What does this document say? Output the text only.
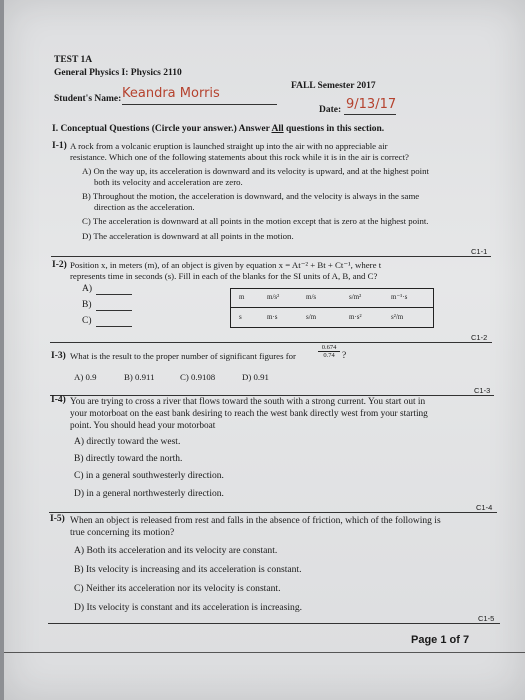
TEST 1A
General Physics I: Physics 2110
FALL Semester 2017
Student's Name: Keandra Morris
Date: 9/13/17
I. Conceptual Questions (Circle your answer.) Answer All questions in this section.
I-1) A rock from a volcanic eruption is launched straight up into the air with no appreciable air
resistance. Which one of the following statements about this rock while it is in the air is correct?
A) On the way up, its acceleration is downward and its velocity is upward, and at the highest point
both its velocity and acceleration are zero.
B) Throughout the motion, the acceleration is downward, and the velocity is always in the same
direction as the acceleration.
C) The acceleration is downward at all points in the motion except that is zero at the highest point.
D) The acceleration is downward at all points in the motion.
C1-1
I-2) Position x, in meters (m), of an object is given by equation x = At⁻² + Bt + Ct⁻¹, where t
represents time in seconds (s). Fill in each of the blanks for the SI units of A, B, and C?
A)
B)
C)
m	m/s²	m/s	s/m²	m⁻¹·s
s	m·s	s/m	m·s²	s²/m
C1-2
I-3) What is the result to the proper number of significant figures for
0.674
0.74 ?
A) 0.9	B) 0.911	C) 0.9108	D) 0.91
C1-3
I-4) You are trying to cross a river that flows toward the south with a strong current. You start out in
your motorboat on the east bank desiring to reach the west bank directly west from your starting
point. You should head your motorboat
A) directly toward the west.
B) directly toward the north.
C) in a general southwesterly direction.
D) in a general northwesterly direction.
C1-4
I-5) When an object is released from rest and falls in the absence of friction, which of the following is
true concerning its motion?
A) Both its acceleration and its velocity are constant.
B) Its velocity is increasing and its acceleration is constant.
C) Neither its acceleration nor its velocity is constant.
D) Its velocity is constant and its acceleration is increasing.
C1-5
Page 1 of 7
